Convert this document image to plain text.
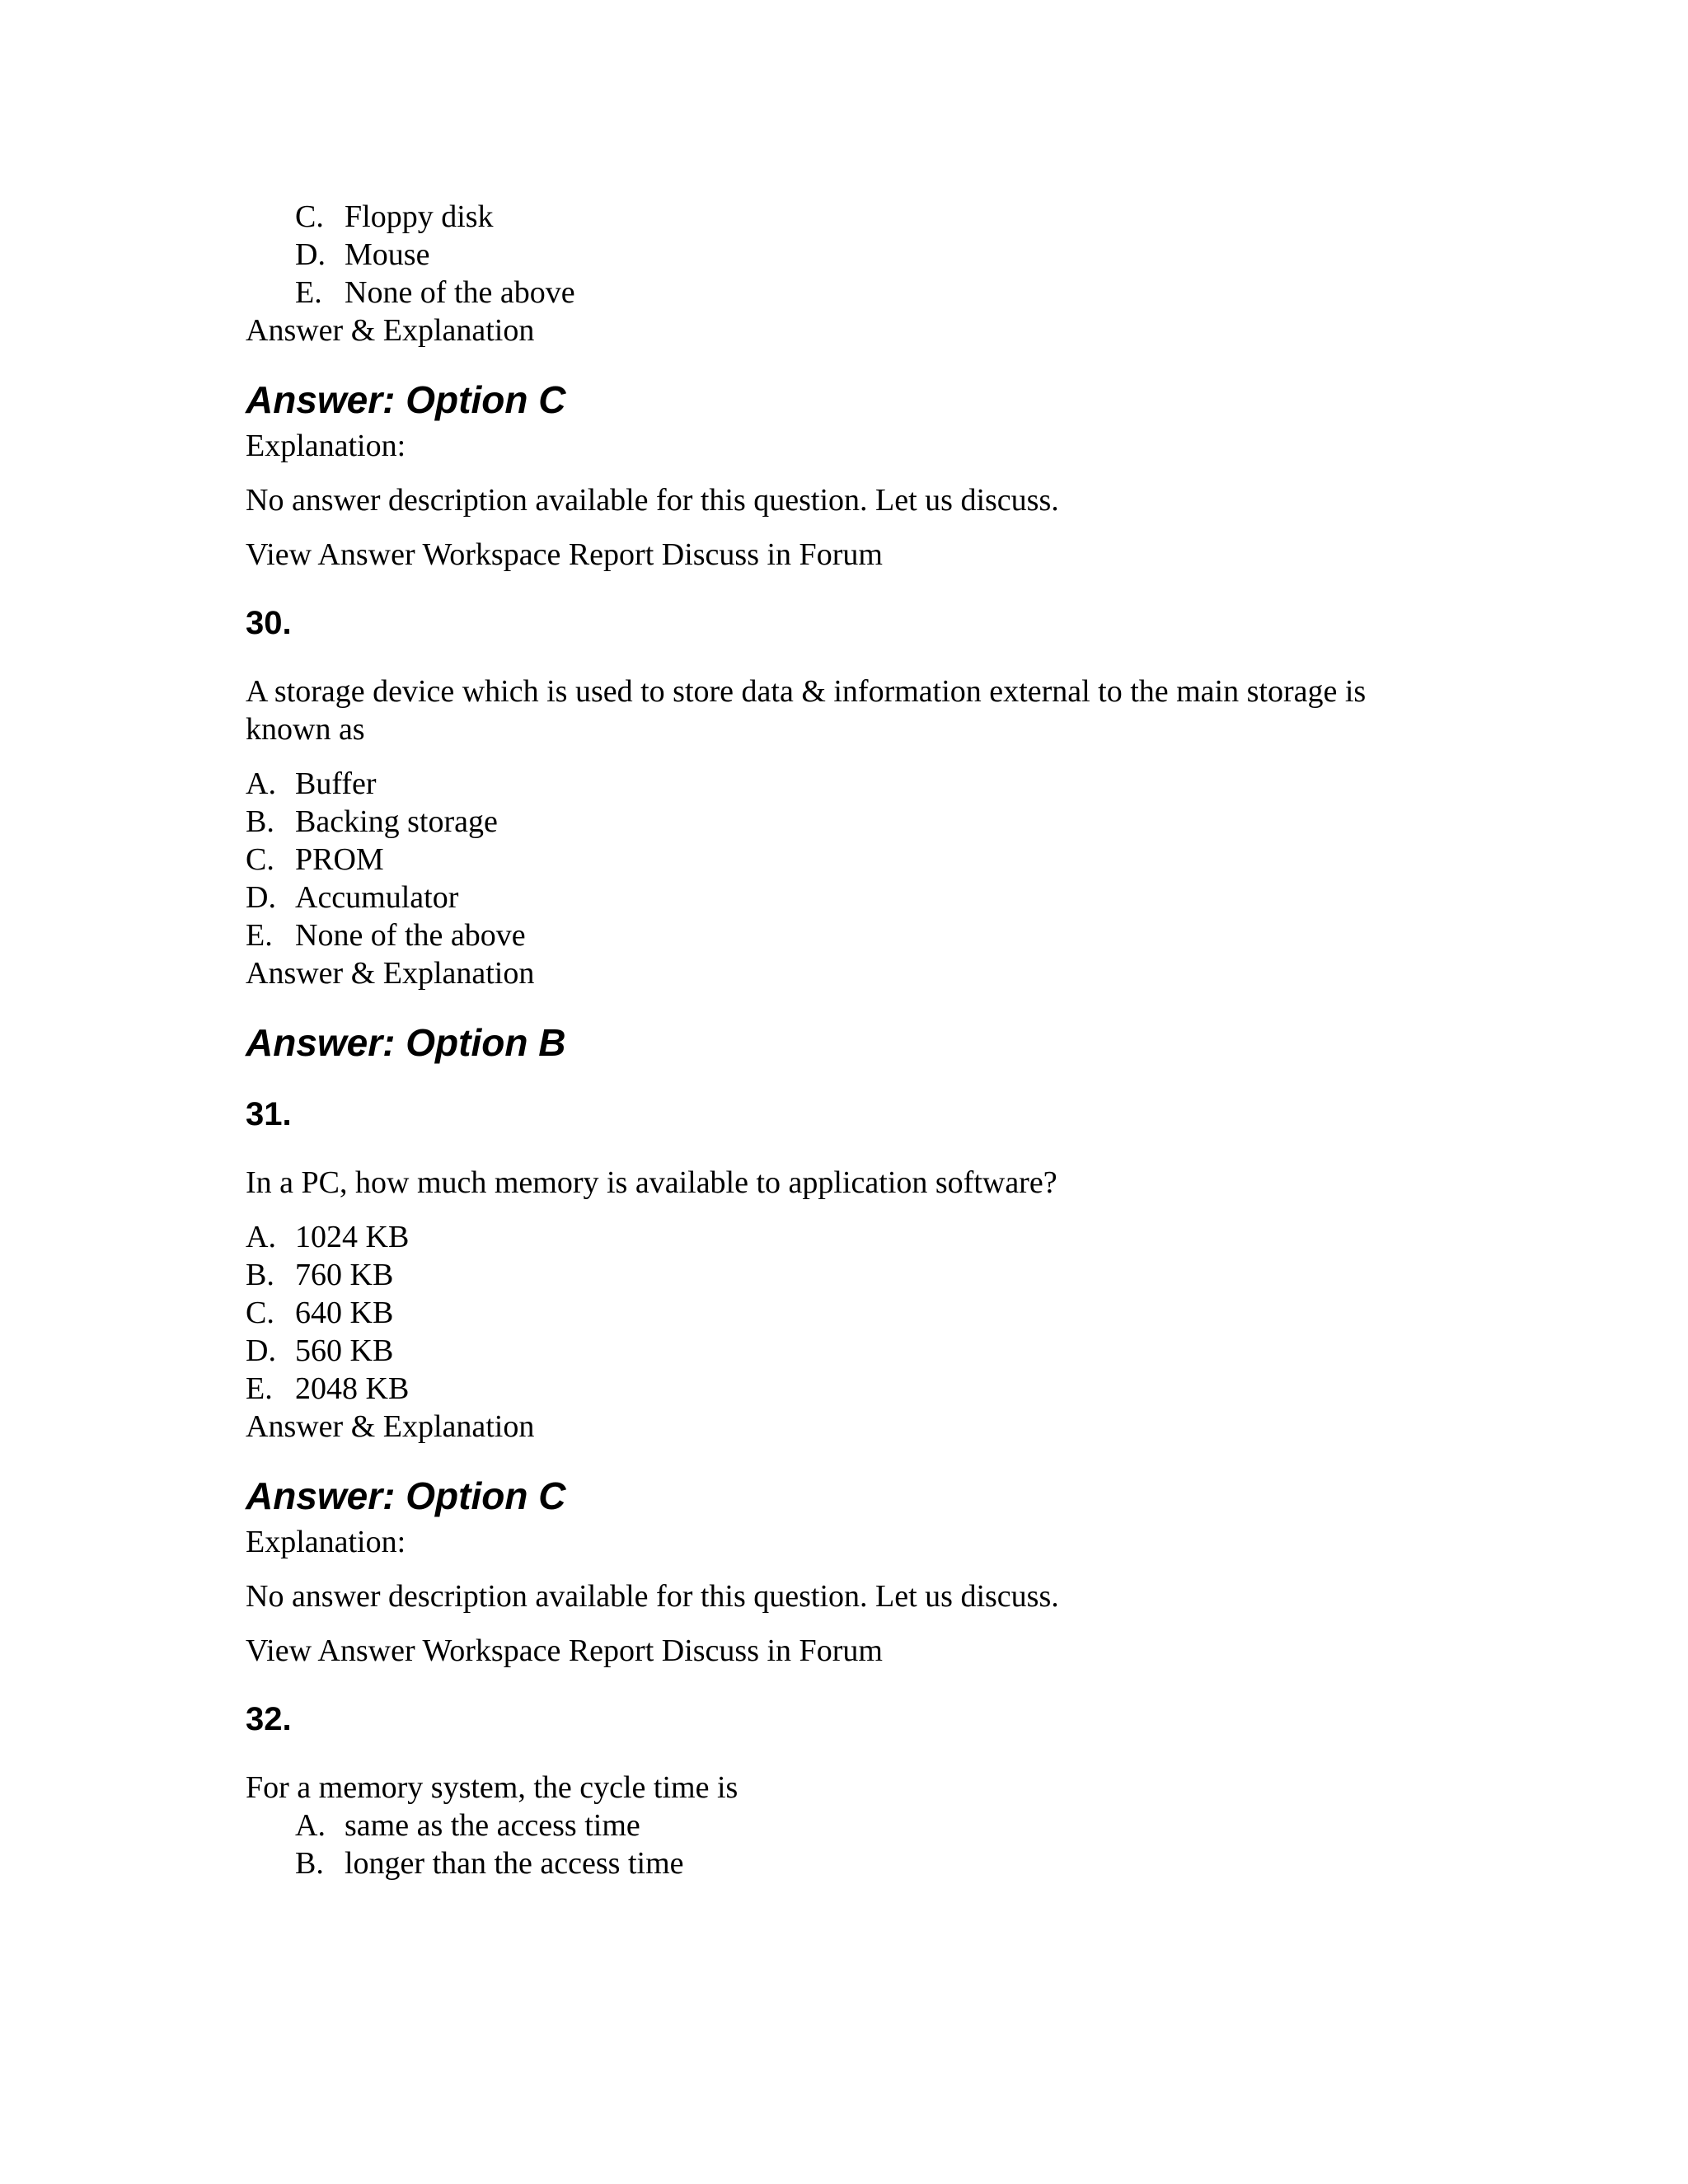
C. Floppy disk
D. Mouse
E. None of the above
Answer & Explanation
Answer: Option C
Explanation:
No answer description available for this question. Let us discuss.
View Answer Workspace Report Discuss in Forum
30.
A storage device which is used to store data & information external to the main storage is known as
A. Buffer
B. Backing storage
C. PROM
D. Accumulator
E. None of the above
Answer & Explanation
Answer: Option B
31.
In a PC, how much memory is available to application software?
A. 1024 KB
B. 760 KB
C. 640 KB
D. 560 KB
E. 2048 KB
Answer & Explanation
Answer: Option C
Explanation:
No answer description available for this question. Let us discuss.
View Answer Workspace Report Discuss in Forum
32.
For a memory system, the cycle time is
A. same as the access time
B. longer than the access time
